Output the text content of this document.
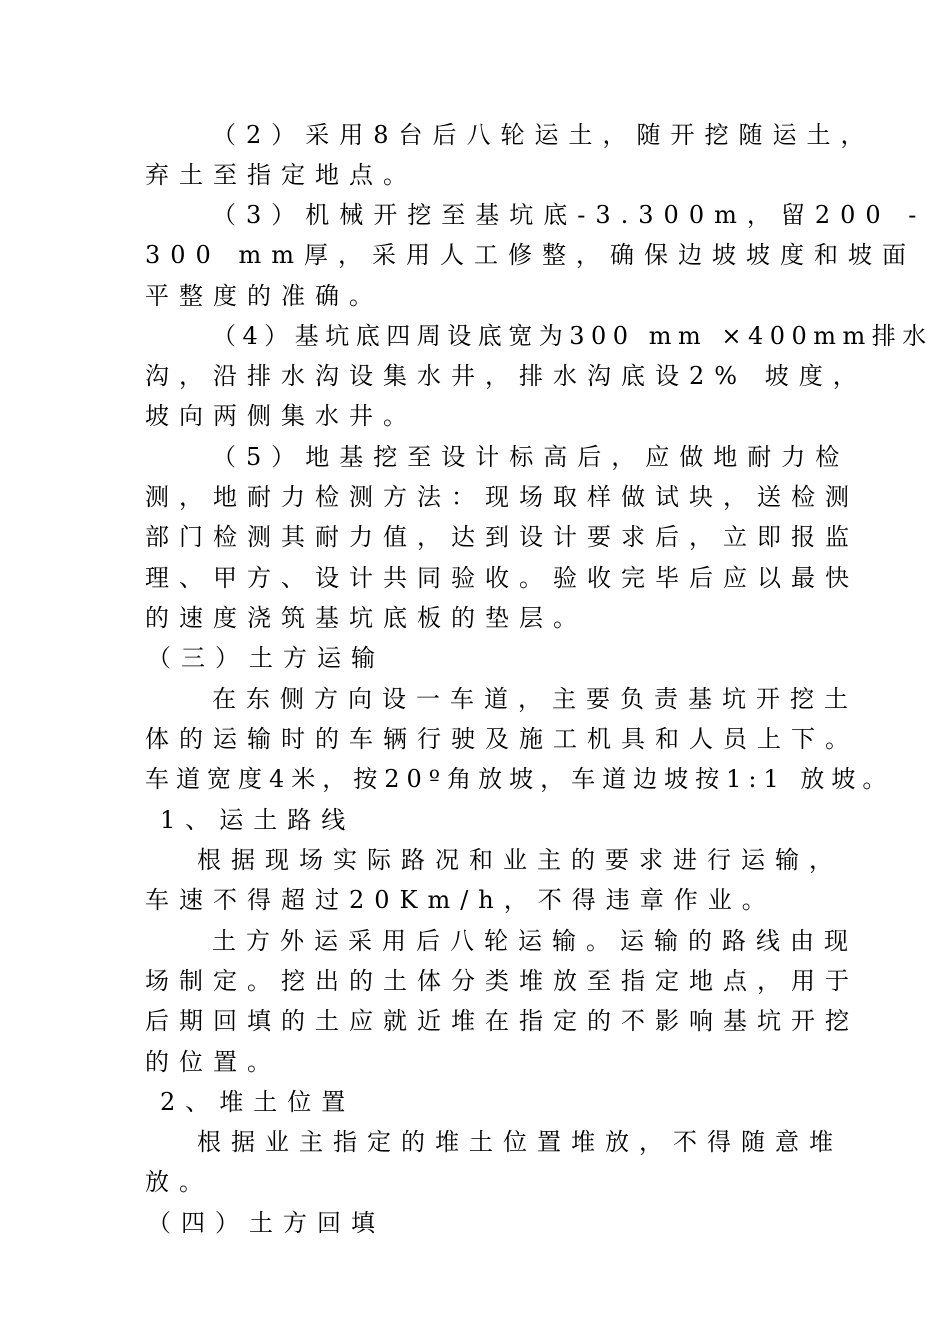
（2）采用8台后八轮运土，随开挖随运土，
弃土至指定地点。
（3）机械开挖至基坑底-3.300m，留200 -
300 mm厚，采用人工修整，确保边坡坡度和坡面
平整度的准确。
（4）基坑底四周设底宽为300 mm ×400mm排水
沟，沿排水沟设集水井，排水沟底设2% 坡度，
坡向两侧集水井。
（5）地基挖至设计标高后，应做地耐力检
测，地耐力检测方法：现场取样做试块，送检测
部门检测其耐力值，达到设计要求后，立即报监
理、甲方、设计共同验收。验收完毕后应以最快
的速度浇筑基坑底板的垫层。
（三）土方运输
在东侧方向设一车道，主要负责基坑开挖土
体的运输时的车辆行驶及施工机具和人员上下。
车道宽度4米，按20º角放坡，车道边坡按1:1 放坡。
1、运土路线
根据现场实际路况和业主的要求进行运输，
车速不得超过20Km/h，不得违章作业。
土方外运采用后八轮运输。运输的路线由现
场制定。挖出的土体分类堆放至指定地点，用于
后期回填的土应就近堆在指定的不影响基坑开挖
的位置。
2、堆土位置
根据业主指定的堆土位置堆放，不得随意堆
放。
（四）土方回填
